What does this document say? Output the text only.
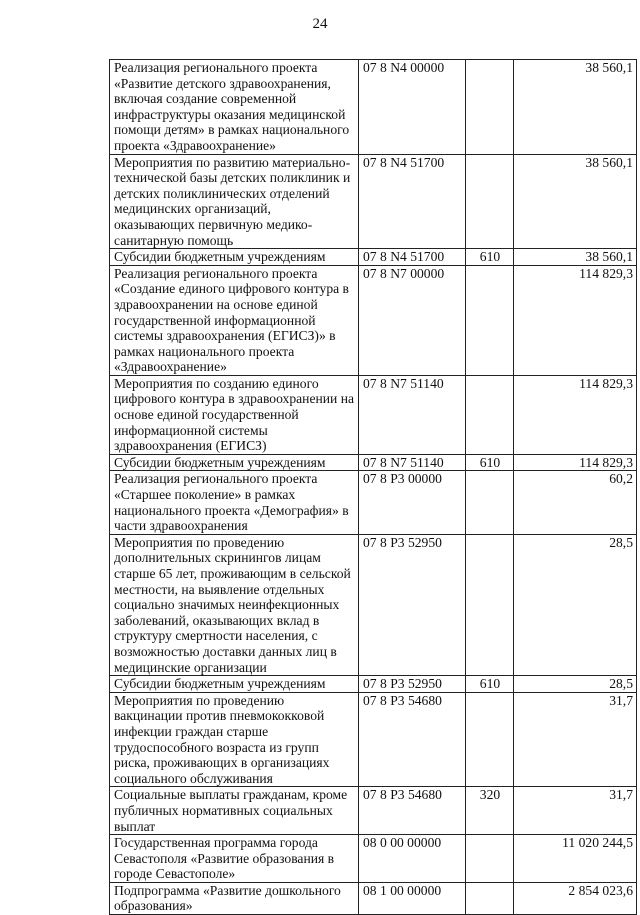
24
Реализация регионального проекта «Развитие детского здравоохранения, включая создание современной инфраструктуры оказания медицинской помощи детям» в рамках национального проекта «Здравоохранение»	07 8 N4 00000			38 560,1
Мероприятия по развитию материально-технической базы детских поликлиник и детских поликлинических отделений медицинских организаций, оказывающих первичную медико-санитарную помощь	07 8 N4 51700			38 560,1
Субсидии бюджетным учреждениям	07 8 N4 51700	610		38 560,1
Реализация регионального проекта «Создание единого цифрового контура в здравоохранении на основе единой государственной информационной системы здравоохранения (ЕГИСЗ)» в рамках национального проекта «Здравоохранение»	07 8 N7 00000			114 829,3
Мероприятия по созданию единого цифрового контура в здравоохранении на основе единой государственной информационной системы здравоохранения (ЕГИСЗ)	07 8 N7 51140			114 829,3
Субсидии бюджетным учреждениям	07 8 N7 51140	610		114 829,3
Реализация регионального проекта «Старшее поколение» в рамках национального проекта «Демография» в части здравоохранения	07 8 P3 00000			60,2
Мероприятия по проведению дополнительных скринингов лицам старше 65 лет, проживающим в сельской местности, на выявление отдельных социально значимых неинфекционных заболеваний, оказывающих вклад в структуру смертности населения, с возможностью доставки данных лиц в медицинские организации	07 8 P3 52950			28,5
Субсидии бюджетным учреждениям	07 8 P3 52950	610		28,5
Мероприятия по проведению вакцинации против пневмококковой инфекции граждан старше трудоспособного возраста из групп риска, проживающих в организациях социального обслуживания	07 8 P3 54680			31,7
Социальные выплаты гражданам, кроме публичных нормативных социальных выплат	07 8 P3 54680	320		31,7
Государственная программа города Севастополя «Развитие образования в городе Севастополе»	08 0 00 00000			11 020 244,5
Подпрограмма «Развитие дошкольного образования»	08 1 00 00000			2 854 023,6
